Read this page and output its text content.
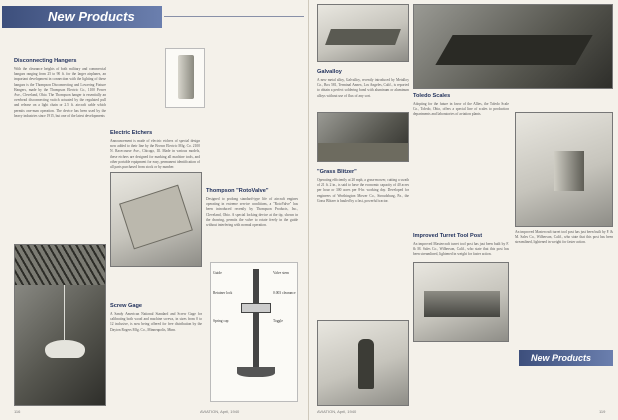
New Products
Disconnecting Hangers

With the clearance heights of both military and commercial hangars ranging from 25 to 90 ft. for the larger airplanes, an important development in connection with the lighting of these hangars is the Thompson Disconnecting and Lowering Fixture Hangers, made by the Thompson Electric Co., 1100 Power Ave., Cleveland, Ohio. The Thompson hanger is essentially an overhead disconnecting switch actuated by the regulated pull and release on a light chain or 2.5 ft. aircraft cable which permits one-man operation. The device has been used by the heavy industries since 1915, but one of the latest developments

Electric Etchers

Announcement is made of electric etchers of special design now added to their line by the Brown Electric Mfg. Co. 2100 N. Racecourse Ave., Chicago, Ill. Made in various models, these etchers are designed for marking all machine tools, and other portable equipment for easy, permanent identification of all parts purchased from stock or by number.

Screw Gage

A Sandy American National Standard and Screw Gage for calibrating both wood and machine screws, in sizes from 0 to 12 inclusive, is now being offered for free distribution by the Dayton Rogers Mfg. Co., Minneapolis, Minn.

Thompson "RotoValve"

Designed to prolong standard-type life of aircraft engines operating in extreme service conditions, a "RotoValve" has been introduced recently by Thompson Products, Inc., Cleveland, Ohio. A special locking device at the tip, shown in the drawing, permits the valve to rotate freely in the guide without interfering with normal operation.

Guide
Retainer lock
Spring cap
Valve stem
0.003 clearance
Toggle
116	AVIATION, April, 1940
Galvalloy

A new metal alloy, Galvalloy, recently introduced by Metalloy Co., Box 581, Terminal Annex, Los Angeles, Calif., is reported to obtain a perfect soldering bond with aluminum or aluminum alloys without use of flux of any sort.

"Grass Blitzer"

Operating efficiently at 20 mph, a grass-mower, cutting a swath of 21 ft. 2 in., is said to have the economic capacity of 40 acres per hour or 300 acres per 8-hr. working day. Developed for engineers of Worthington Mower Co., Stroudsburg, Pa., the Grass Blitzer is hauled by a fast, powerful tractor.

Toledo Scales

Adopting for the future in favor of the Allies, the Toledo Scale Co., Toledo, Ohio, offers a special line of scales to production departments and laboratories of aviation plants.

Improved Turret Tool Post

An improved Mastercraft turret tool post has just been built by F. & M. Sales Co., Wilberson, Calif., who state that this post has been streamlined, lightened in weight for faster action.

An improved Mastercraft turret tool post has just been built by F. & M. Sales Co., Wilberson, Calif., who state that this post has been streamlined, lightened in weight for faster action.

New Products
AVIATION, April, 1940	119
